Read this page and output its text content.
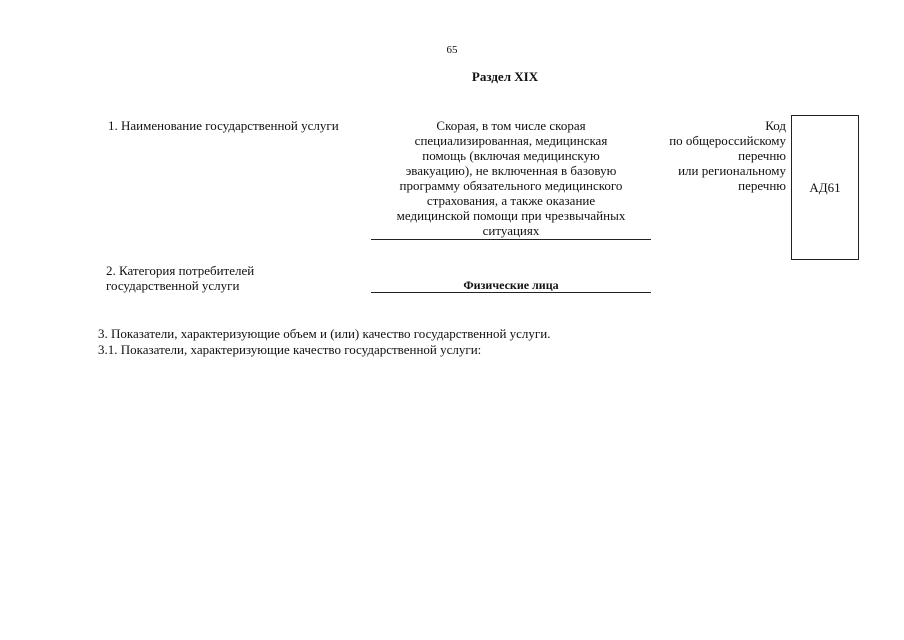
65
Раздел XIX
1. Наименование государственной услуги	Скорая, в том числе скорая
специализированная, медицинская
помощь (включая медицинскую
эвакуацию), не включенная в базовую
программу обязательного медицинского
страхования, а также оказание
медицинской помощи при чрезвычайных
ситуациях
Код
по общероссийскому
перечню
или региональному
перечню АД61
2. Категория потребителей
государственной услуги	Физические лица
3. Показатели, характеризующие объем и (или) качество государственной услуги.
3.1. Показатели, характеризующие качество государственной услуги:
